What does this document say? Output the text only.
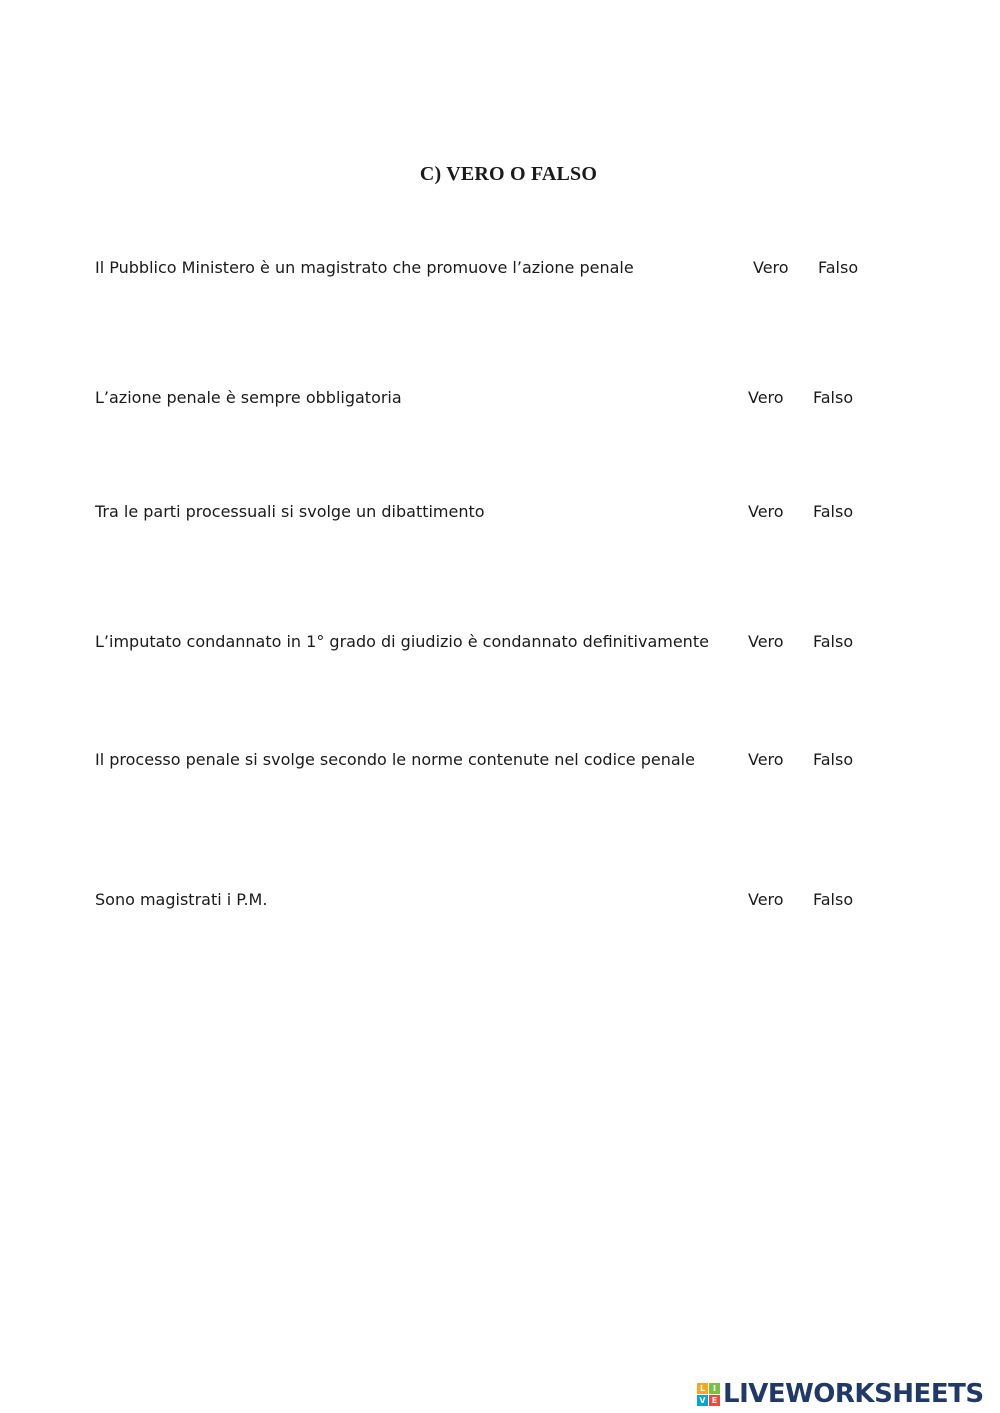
C) VERO O FALSO
Il Pubblico Ministero è un magistrato che promuove l’azione penale	Vero Falso
L’azione penale è sempre obbligatoria	Vero Falso
Tra le parti processuali si svolge un dibattimento	Vero Falso
L’imputato condannato in 1° grado di giudizio è condannato definitivamente Vero Falso
Il processo penale si svolge secondo le norme contenute nel codice penale	Vero Falso
Sono magistrati i P.M.	Vero Falso
L I
V E LIVEWORKSHEETS
